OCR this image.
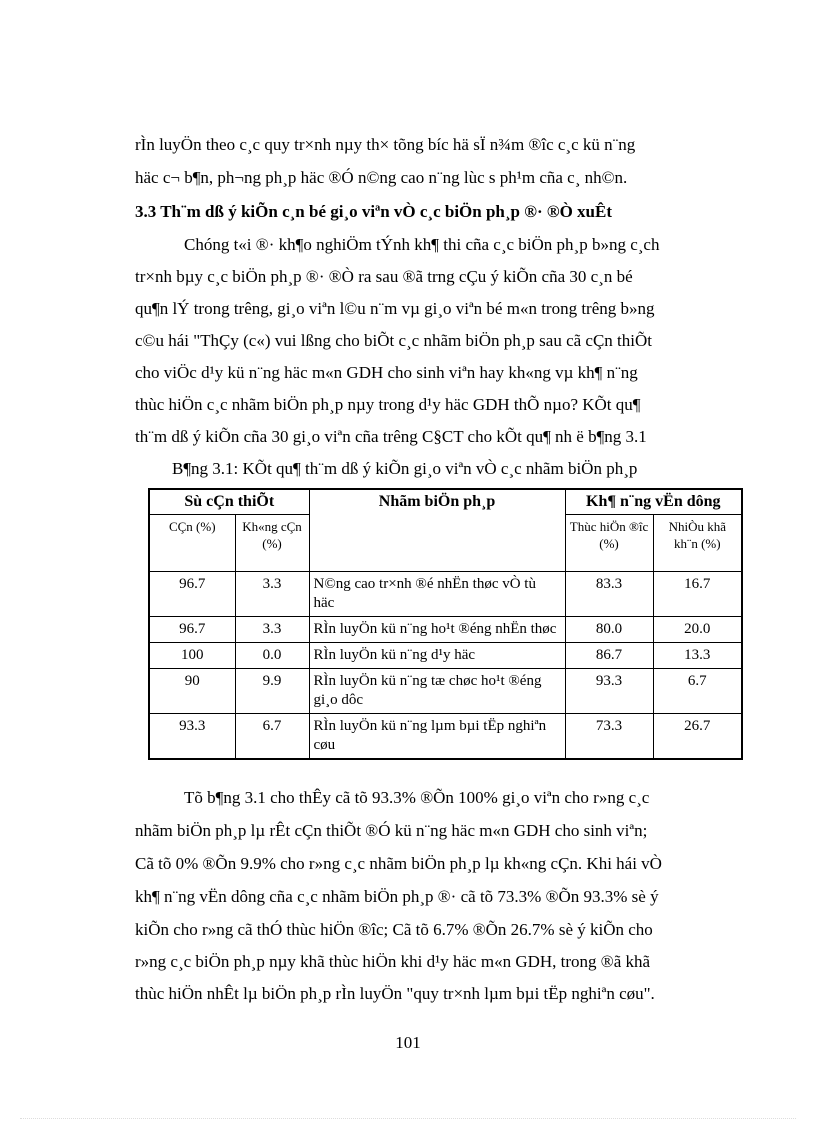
rÌn luyÖn theo c¸c quy tr×nh nµy th× tõng bíc hä sÏ n¾m ®îc c¸c kü n¨ng
häc c¬ b¶n, ph¬ng ph¸p häc ®Ó n©ng cao n¨ng lùc s ph¹m cña c¸ nh©n.
3.3 Th¨m dß ý kiÕn c¸n bé gi¸o viªn vÒ c¸c biÖn ph¸p ®· ®Ò xuÊt
Chóng t«i ®· kh¶o nghiÖm tÝnh kh¶ thi cña c¸c biÖn ph¸p b»ng c¸ch
tr×nh bµy c¸c biÖn ph¸p ®· ®Ò ra sau ®ã trng cÇu ý kiÕn cña 30 c¸n bé
qu¶n lÝ trong trêng, gi¸o viªn l©u n¨m vµ gi¸o viªn bé m«n trong trêng b»ng
c©u hái "ThÇy (c«) vui lßng cho biÕt c¸c nhãm biÖn ph¸p sau cã cÇn thiÕt
cho viÖc d¹y kü n¨ng häc m«n GDH cho sinh viªn hay kh«ng vµ kh¶ n¨ng
thùc hiÖn c¸c nhãm biÖn ph¸p nµy trong d¹y häc GDH thÕ nµo? KÕt qu¶
th¨m dß ý kiÕn cña 30 gi¸o viªn cña trêng C§CT cho kÕt qu¶ nh ë b¶ng 3.1
B¶ng 3.1: KÕt qu¶ th¨m dß ý kiÕn gi¸o viªn vÒ c¸c nhãm biÖn ph¸p
Sù cÇn thiÕt		Nhãm biÖn ph¸p	Kh¶ n¨ng vËn dông	
CÇn (%)	Kh«ng cÇn (%)		Thùc hiÖn ®îc (%)	NhiÒu khã kh¨n (%)
96.7	3.3	N©ng cao tr×nh ®é nhËn thøc vÒ tù häc	83.3	16.7
96.7	3.3	RÌn luyÖn kü n¨ng ho¹t ®éng nhËn thøc	80.0	20.0
100	0.0	RÌn luyÖn kü n¨ng d¹y häc	86.7	13.3
90	9.9	RÌn luyÖn kü n¨ng tæ chøc ho¹t ®éng gi¸o dôc	93.3	6.7
93.3	6.7	RÌn luyÖn kü n¨ng lµm bµi tËp nghiªn cøu	73.3	26.7
Tõ b¶ng 3.1 cho thÊy cã tõ 93.3% ®Õn 100% gi¸o viªn cho r»ng c¸c
nhãm biÖn ph¸p lµ rÊt cÇn thiÕt ®Ó kü n¨ng häc m«n GDH cho sinh viªn;
Cã tõ 0% ®Õn 9.9% cho r»ng c¸c nhãm biÖn ph¸p lµ kh«ng cÇn. Khi hái vÒ
kh¶ n¨ng vËn dông cña c¸c nhãm biÖn ph¸p ®· cã tõ 73.3% ®Õn 93.3% sè ý
kiÕn cho r»ng cã thÓ thùc hiÖn ®îc; Cã tõ 6.7% ®Õn 26.7% sè ý kiÕn cho
r»ng c¸c biÖn ph¸p nµy khã thùc hiÖn khi d¹y häc m«n GDH, trong ®ã khã
thùc hiÖn nhÊt lµ biÖn ph¸p rÌn luyÖn "quy tr×nh lµm bµi tËp nghiªn cøu".
101
